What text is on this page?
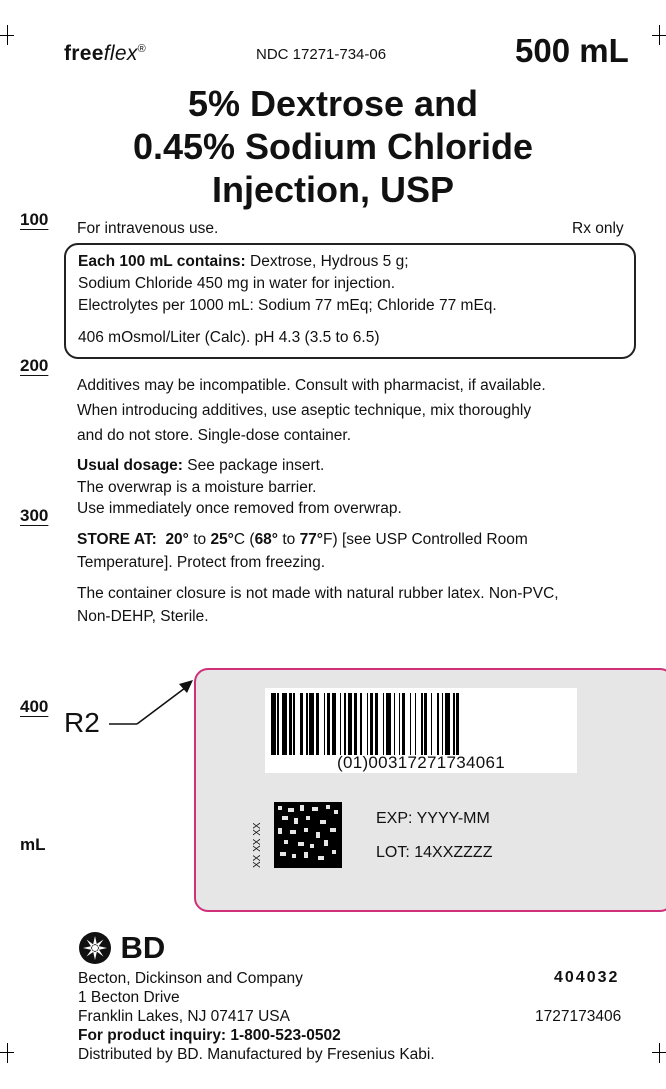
freeflex®	NDC 17271-734-06	500 mL
5% Dextrose and
0.45% Sodium Chloride
Injection, USP
100
200
300
400
mL
For intravenous use.	Rx only
Each 100 mL contains: Dextrose, Hydrous 5 g;
Sodium Chloride 450 mg in water for injection.
Electrolytes per 1000 mL: Sodium 77 mEq; Chloride 77 mEq.
406 mOsmol/Liter (Calc). pH 4.3 (3.5 to 6.5)
Additives may be incompatible. Consult with pharmacist, if available.
When introducing additives, use aseptic technique, mix thoroughly
and do not store. Single-dose container.
Usual dosage: See package insert.
The overwrap is a moisture barrier.
Use immediately once removed from overwrap.
STORE AT: 20° to 25°C (68° to 77°F) [see USP Controlled Room
Temperature]. Protect from freezing.
The container closure is not made with natural rubber latex. Non-PVC,
Non-DEHP, Sterile.
R2
(01)00317271734061
XX XX XX
EXP: YYYY-MM
LOT: 14XXZZZZ
BD
Becton, Dickinson and Company
1 Becton Drive
Franklin Lakes, NJ 07417 USA
For product inquiry: 1-800-523-0502
Distributed by BD. Manufactured by Fresenius Kabi.
404032
1727173406
